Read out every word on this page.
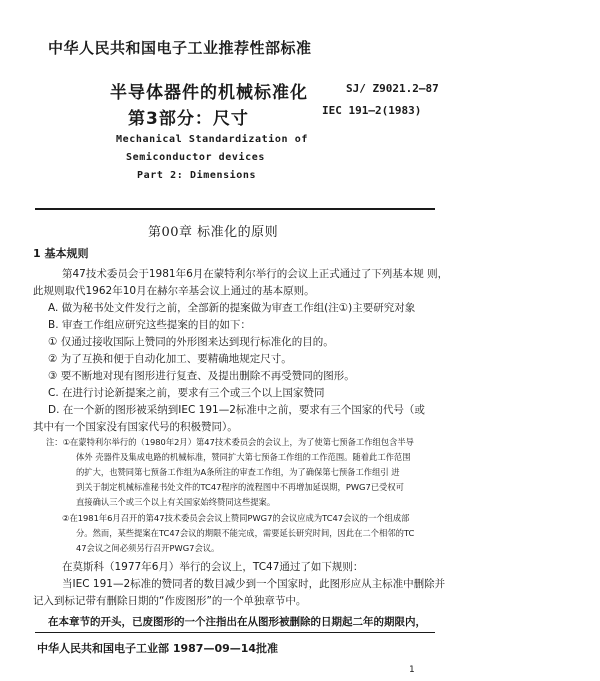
中华人民共和国电子工业推荐性部标准
半导体器件的机械标准化
第3部分：尺寸
SJ/ Z9021.2—87
IEC 191—2(1983)
Mechanical Standardization of
Semiconductor devices
Part 2: Dimensions
第00章 标准化的原则
1 基本规则
第47技术委员会于1981年6月在蒙特利尔举行的会议上正式通过了下列基本规 则，
此规则取代1962年10月在赫尔辛基会议上通过的基本原则。
A. 做为秘书处文件发行之前，全部新的提案做为审查工作组(注①)主要研究对象
B. 审查工作组应研究这些提案的目的如下：
① 仅通过接收国际上赞同的外形图来达到现行标准化的目的。
② 为了互换和便于自动化加工、要精确地规定尺寸。
③ 要不断地对现有图形进行复查、及提出删除不再受赞同的图形。
C. 在进行讨论新提案之前，要求有三个或三个以上国家赞同
D. 在一个新的图形被采纳到IEC 191—2标准中之前，要求有三个国家的代号（或
其中有一个国家没有国家代号的积极赞同）。
注：①在蒙特利尔举行的（1980年2月）第47技术委员会的会议上，为了使第七预备工作组包含半导
体外 壳器件及集成电路的机械标准，赞同扩大第七预备工作组的工作范围。随着此工作范围
的扩大，也赞同第七预备工作组为A条所注的审查工作组，为了确保第七预备工作组引 进
到关于制定机械标准秘书处文件的TC47程序的流程图中不再增加延误期，PWG7已受权可
直接确认三个或三个以上有关国家始终赞同这些提案。
②在1981年6月召开的第47技术委员会会议上赞同PWG7的会议应成为TC47会议的一个组成部
分。然而，某些提案在TC47会议的期限不能完成，需要延长研究时间，因此在二个相邻的TC
47会议之间必须另行召开PWG7会议。
在莫斯科（1977年6月）举行的会议上，TC47通过了如下规则：
当IEC 191—2标准的赞同者的数目减少到一个国家时，此图形应从主标准中删除并
记入到标记带有删除日期的“作废图形”的一个单独章节中。
在本章节的开头，已废图形的一个注指出在从图形被删除的日期起二年的期限内，
中华人民共和国电子工业部 1987—09—14批准
1
